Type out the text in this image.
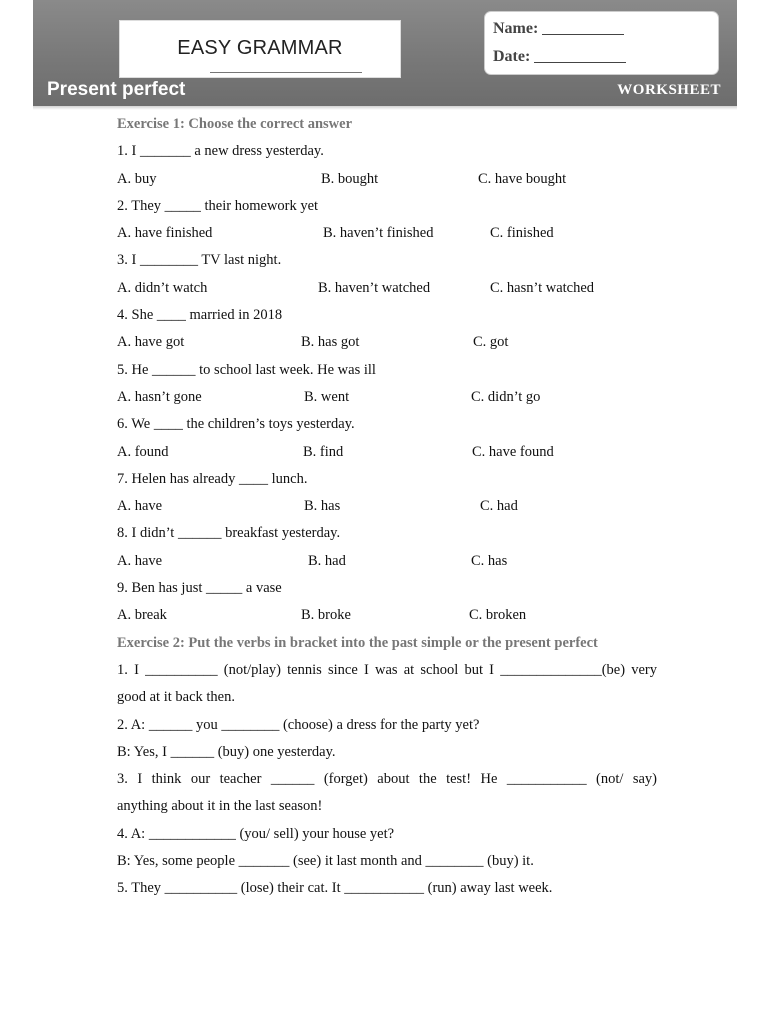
EASY GRAMMAR
Name:
Date:
Present perfect	WORKSHEET
Exercise 1: Choose the correct answer
1. I _______ a new dress yesterday.
A. buy	B. bought	C. have bought
2. They _____ their homework yet
A. have finished	B. haven’t finished	C. finished
3. I ________ TV last night.
A. didn’t watch	B. haven’t watched	C. hasn’t watched
4. She ____ married in 2018
A. have got	B. has got	C. got
5. He ______ to school last week. He was ill
A. hasn’t gone	B. went	C. didn’t go
6. We ____ the children’s toys yesterday.
A. found	B. find	C. have found
7. Helen has already ____ lunch.
A. have	B. has	C. had
8. I didn’t ______ breakfast yesterday.
A. have	B. had	C. has
9. Ben has just _____ a vase
A. break	B. broke	C. broken
Exercise 2: Put the verbs in bracket into the past simple or the present perfect
1. I __________ (not/play) tennis since I was at school but I ______________(be) very
good at it back then.
2. A: ______ you ________ (choose) a dress for the party yet?
B: Yes, I ______ (buy) one yesterday.
3. I think our teacher ______ (forget) about the test! He ___________ (not/ say)
anything about it in the last season!
4. A: ____________ (you/ sell) your house yet?
B: Yes, some people _______ (see) it last month and ________ (buy) it.
5. They __________ (lose) their cat. It ___________ (run) away last week.
